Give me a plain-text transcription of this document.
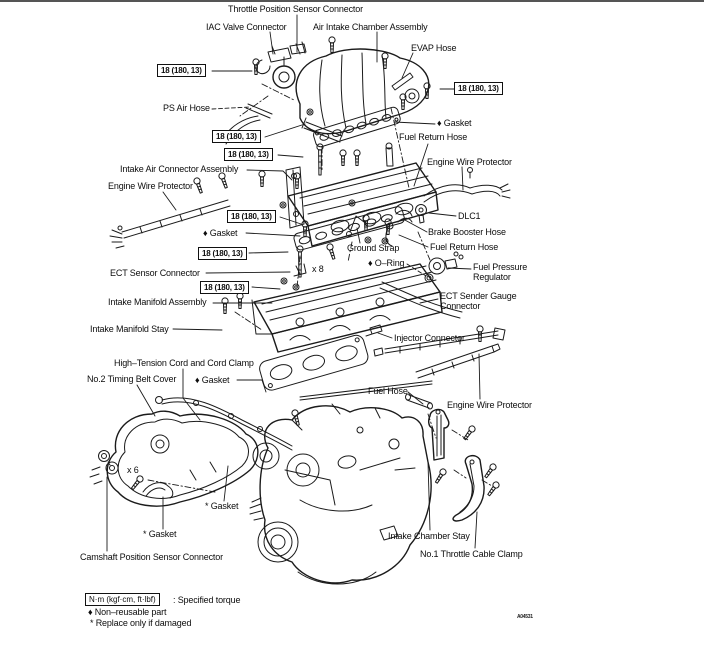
Throttle Position Sensor Connector
IAC Valve Connector	Air Intake Chamber Assembly
EVAP Hose
PS Air Hose
♦ Gasket
Fuel Return Hose
Engine Wire Protector
Intake Air Connector Assembly
Engine Wire Protector
DLC1
Brake Booster Hose
Fuel Return Hose
♦ Gasket
Ground Strap
♦ O–Ring
x 8
ECT Sensor Connector
Fuel Pressure Regulator
Intake Manifold Assembly
ECT Sender Gauge Connector
Intake Manifold Stay
Injector Connector
High–Tension Cord and Cord Clamp
No.2 Timing Belt Cover ♦ Gasket
Fuel Hose
Engine Wire Protector
x 6
* Gasket
* Gasket
Camshaft Position Sensor Connector
Intake Chamber Stay
No.1 Throttle Cable Clamp
18 (180, 13)
18 (180, 13)
18 (180, 13)
18 (180, 13)
18 (180, 13)
18 (180, 13)
18 (180, 13)
N·m (kgf·cm, ft·lbf)	: Specified torque
♦ Non–reusable part
* Replace only if damaged
A04531
